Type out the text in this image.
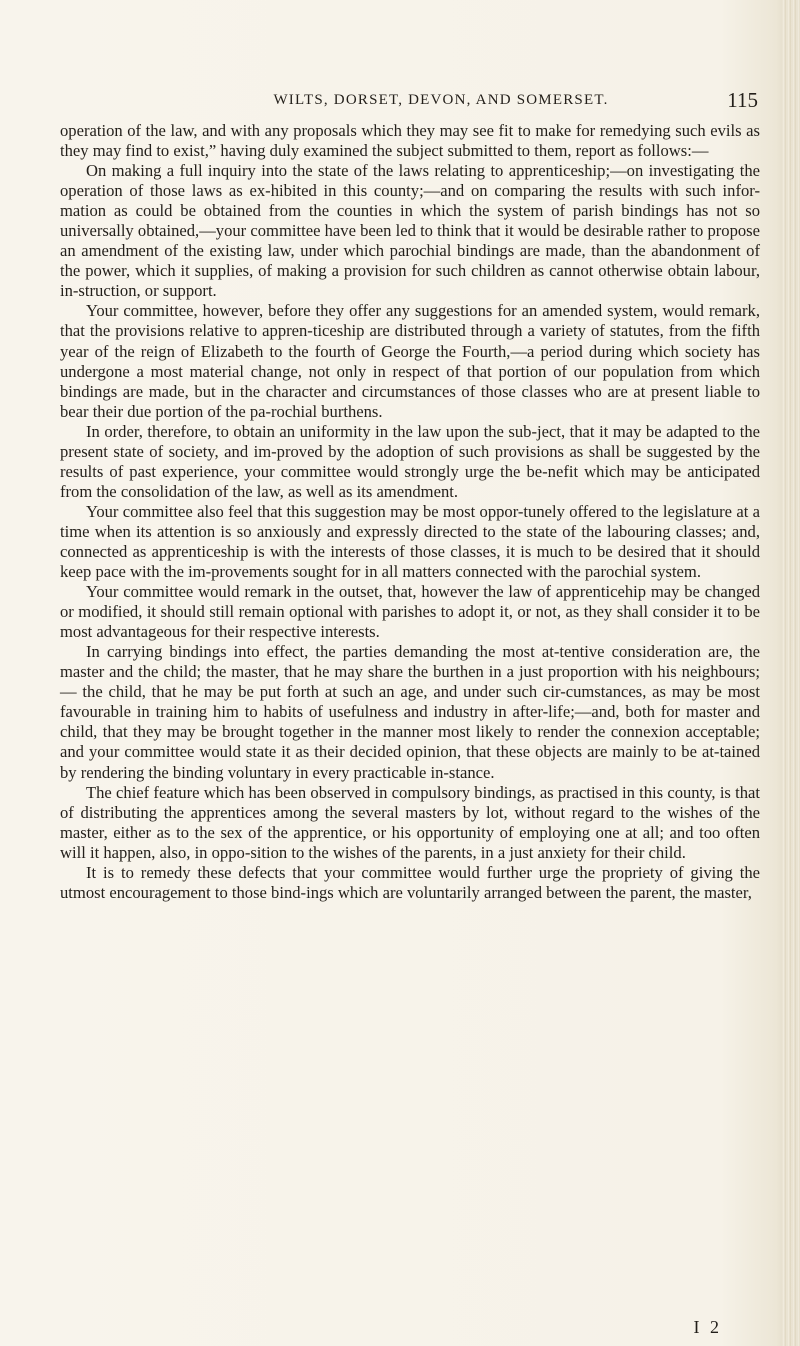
WILTS, DORSET, DEVON, AND SOMERSET.	115

operation of the law, and with any proposals which they may see fit to make for remedying such evils as they may find to exist,” having duly examined the subject submitted to them, report as follows:—

On making a full inquiry into the state of the laws relating to apprenticeship;—on investigating the operation of those laws as ex-hibited in this county;—and on comparing the results with such infor-mation as could be obtained from the counties in which the system of parish bindings has not so universally obtained,—your committee have been led to think that it would be desirable rather to propose an amendment of the existing law, under which parochial bindings are made, than the abandonment of the power, which it supplies, of making a provision for such children as cannot otherwise obtain labour, in-struction, or support.

Your committee, however, before they offer any suggestions for an amended system, would remark, that the provisions relative to appren-ticeship are distributed through a variety of statutes, from the fifth year of the reign of Elizabeth to the fourth of George the Fourth,—a period during which society has undergone a most material change, not only in respect of that portion of our population from which bindings are made, but in the character and circumstances of those classes who are at present liable to bear their due portion of the pa-rochial burthens.

In order, therefore, to obtain an uniformity in the law upon the sub-ject, that it may be adapted to the present state of society, and im-proved by the adoption of such provisions as shall be suggested by the results of past experience, your committee would strongly urge the be-nefit which may be anticipated from the consolidation of the law, as well as its amendment.

Your committee also feel that this suggestion may be most oppor-tunely offered to the legislature at a time when its attention is so anxiously and expressly directed to the state of the labouring classes; and, connected as apprenticeship is with the interests of those classes, it is much to be desired that it should keep pace with the im-provements sought for in all matters connected with the parochial system.

Your committee would remark in the outset, that, however the law of apprenticehip may be changed or modified, it should still remain optional with parishes to adopt it, or not, as they shall consider it to be most advantageous for their respective interests.

In carrying bindings into effect, the parties demanding the most at-tentive consideration are, the master and the child; the master, that he may share the burthen in a just proportion with his neighbours;— the child, that he may be put forth at such an age, and under such cir-cumstances, as may be most favourable in training him to habits of usefulness and industry in after-life;—and, both for master and child, that they may be brought together in the manner most likely to render the connexion acceptable; and your committee would state it as their decided opinion, that these objects are mainly to be at-tained by rendering the binding voluntary in every practicable in-stance.

The chief feature which has been observed in compulsory bindings, as practised in this county, is that of distributing the apprentices among the several masters by lot, without regard to the wishes of the master, either as to the sex of the apprentice, or his opportunity of employing one at all; and too often will it happen, also, in oppo-sition to the wishes of the parents, in a just anxiety for their child.

It is to remedy these defects that your committee would further urge the propriety of giving the utmost encouragement to those bind-ings which are voluntarily arranged between the parent, the master,

I 2
